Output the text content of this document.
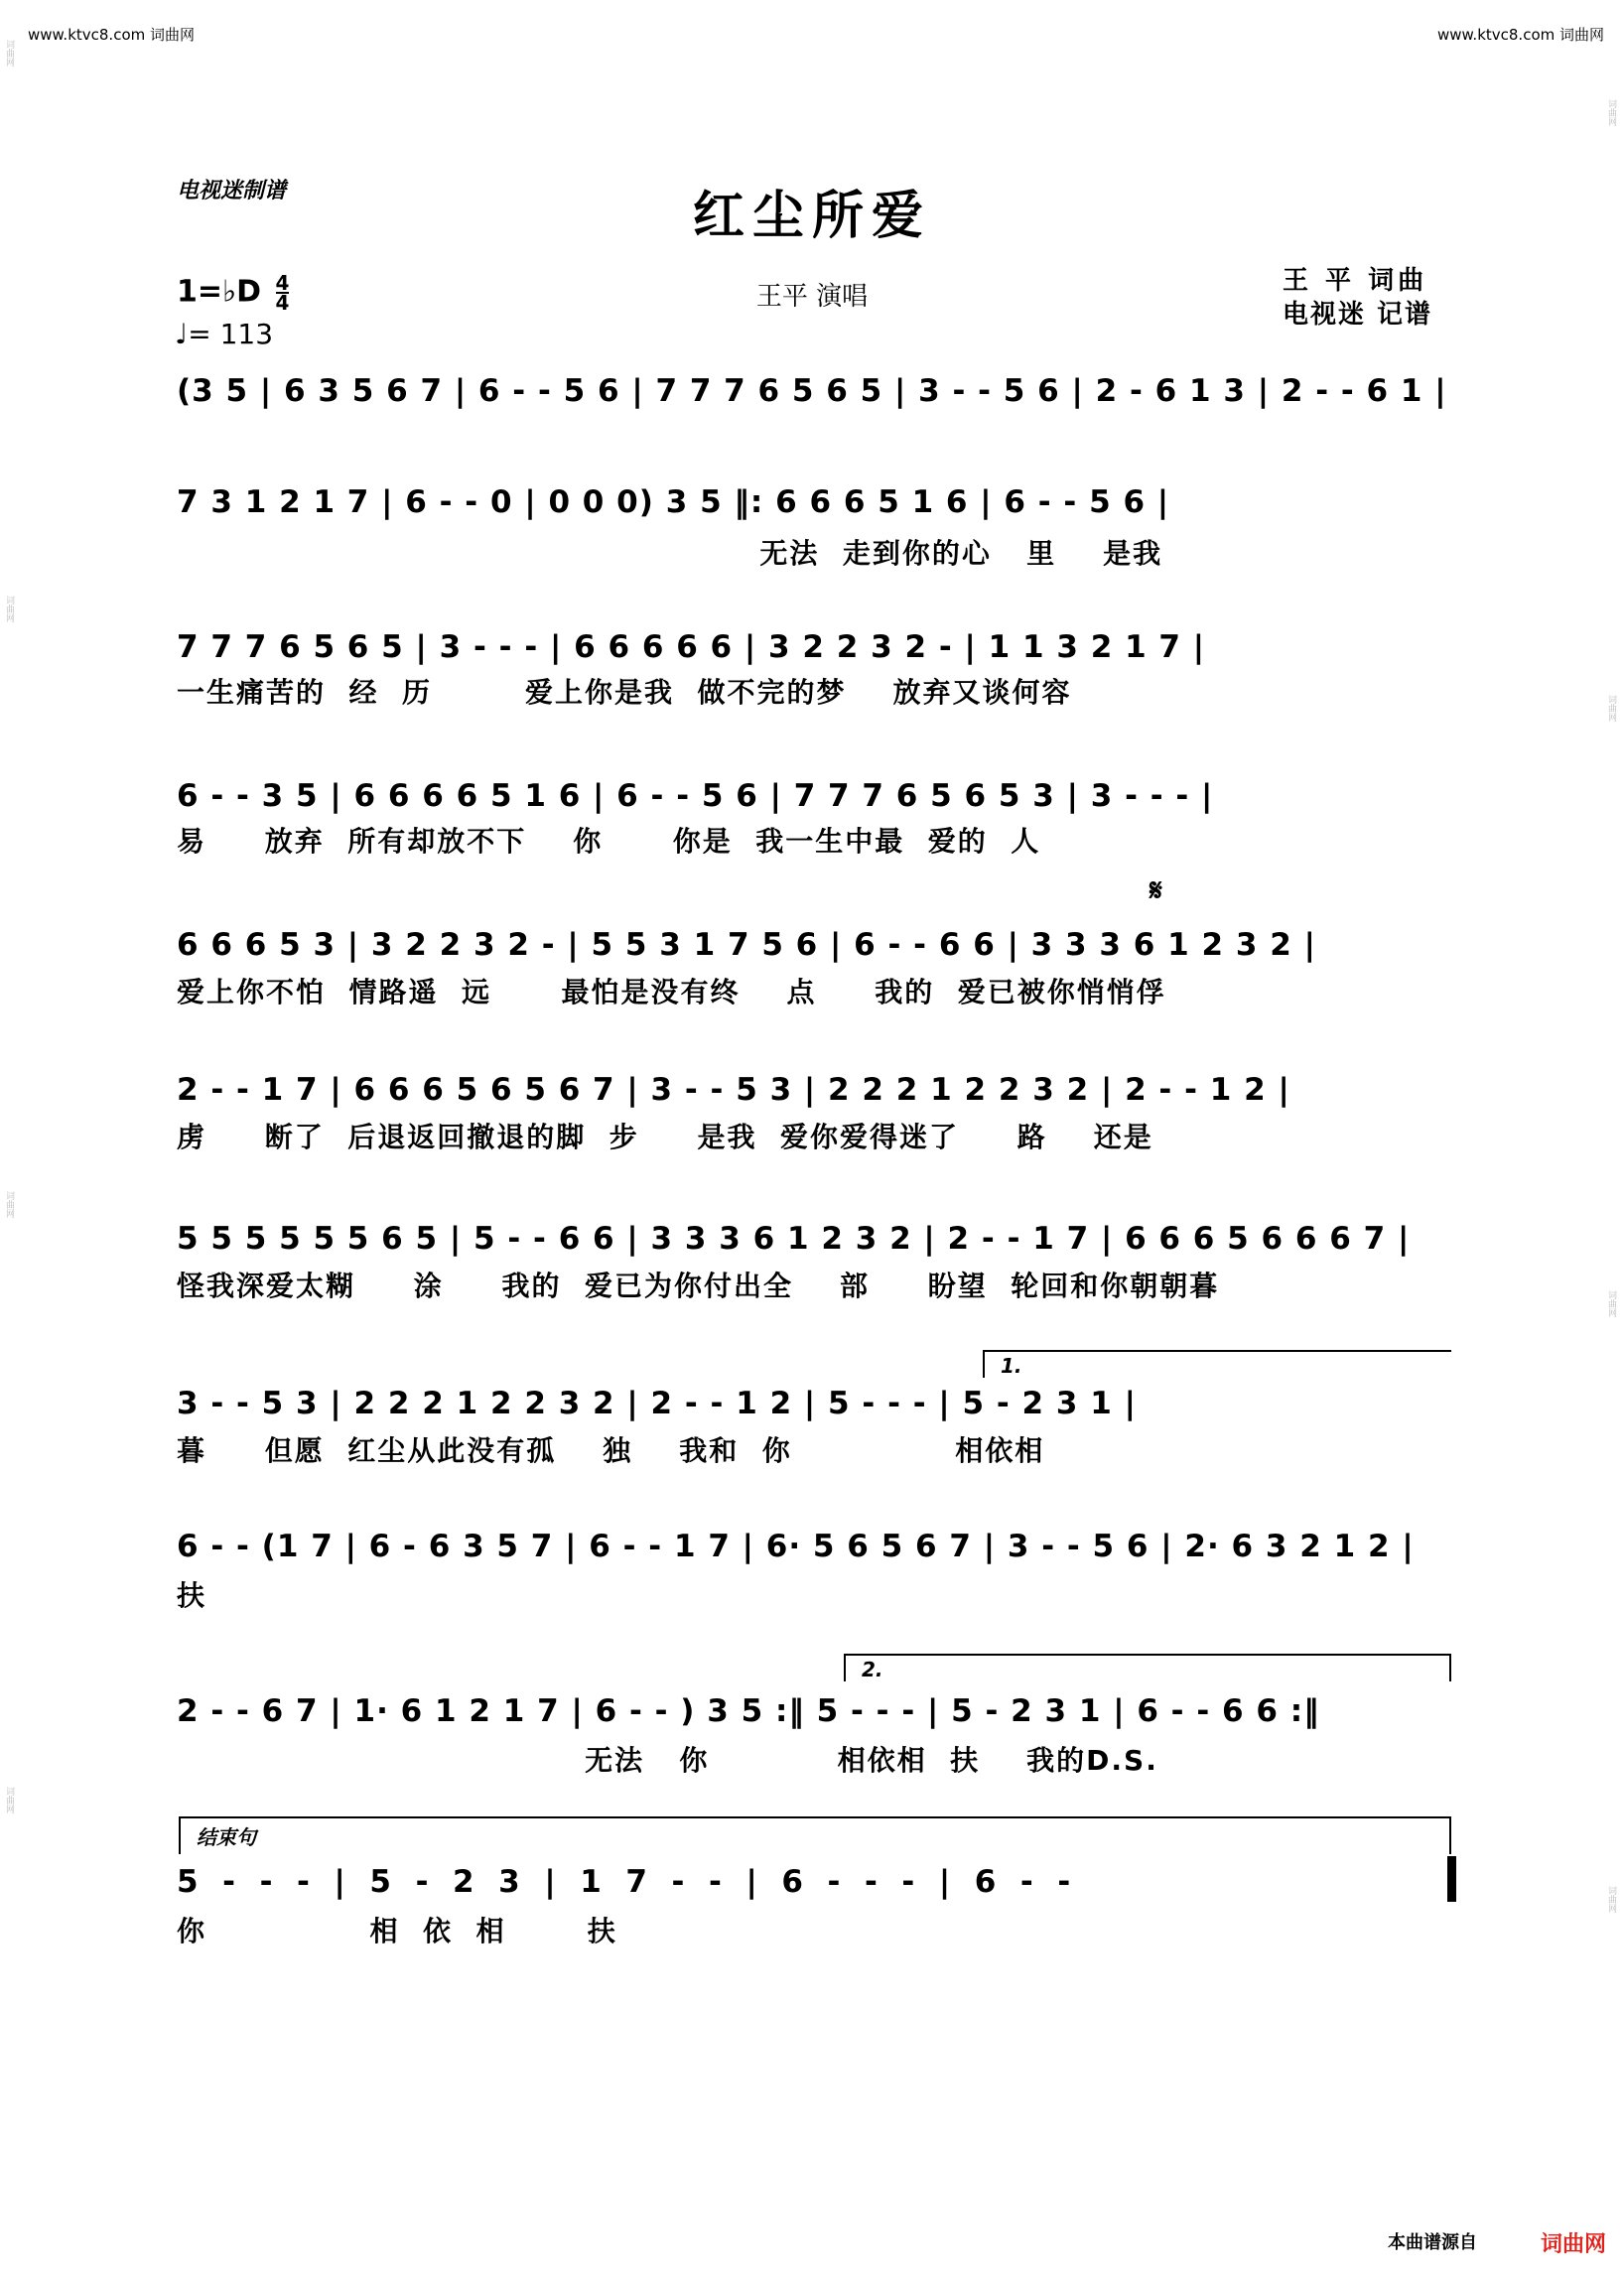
www.ktvc8.com 词曲网	www.ktvc8.com 词曲网
词曲网
词曲网
词曲网
词曲网
词曲网
词曲网
词曲网
词曲网
电视迷制谱	红尘所爱
1=♭D $\frac{4}{4}$
♩= 113
王平 演唱
王 平 词曲
电视迷 记谱
(3 5 | 6 3 5 6 7 | 6 - - 5 6 | 7 7 7 6 5 6 5 | 3 - - 5 6 | 2 - 6 1 3 | 2 - - 6 1 |
7 3 1 2 1 7 | 6 - - 0 | 0 0 0) 3 5 ‖: 6 6 6 5 1 6 | 6 - - 5 6 |
无法  走到你的心   里    是我
7 7 7 6 5 6 5 | 3 - - - | 6 6 6 6 6 | 3 2 2 3 2 - | 1 1 3 2 1 7 |
一生痛苦的  经  历        爱上你是我  做不完的梦    放弃又谈何容
6 - - 3 5 | 6 6 6 6 5 1 6 | 6 - - 5 6 | 7 7 7 6 5 6 5 3 | 3 - - - |
易     放弃  所有却放不下    你      你是  我一生中最  爱的  人
𝄋
6 6 6 5 3 | 3 2 2 3 2 - | 5 5 3 1 7 5 6 | 6 - - 6 6 | 3 3 3 6 1 2 3 2 |
爱上你不怕  情路遥  远      最怕是没有终    点     我的  爱已被你悄悄俘
2 - - 1 7 | 6 6 6 5 6 5 6 7 | 3 - - 5 3 | 2 2 2 1 2 2 3 2 | 2 - - 1 2 |
虏     断了  后退返回撤退的脚  步     是我  爱你爱得迷了     路    还是
5 5 5 5 5 5 6 5 | 5 - - 6 6 | 3 3 3 6 1 2 3 2 | 2 - - 1 7 | 6 6 6 5 6 6 6 7 |
怪我深爱太糊     涂     我的  爱已为你付出全    部     盼望  轮回和你朝朝暮
1.
3 - - 5 3 | 2 2 2 1 2 2 3 2 | 2 - - 1 2 | 5 - - - | 5 - 2 3 1 |
暮     但愿  红尘从此没有孤    独    我和  你              相依相
6 - - (1 7 | 6 - 6 3 5 7 | 6 - - 1 7 | 6· 5 6 5 6 7 | 3 - - 5 6 | 2· 6 3 2 1 2 |
扶
2.
2 - - 6 7 | 1· 6 1 2 1 7 | 6 - - ) 3 5 :‖ 5 - - - | 5 - 2 3 1 | 6 - - 6 6 :‖
无法   你           相依相  扶    我的D.S.
结束句
5  -  -  -  |  5  -  2  3  |  1  7  -  -  |  6  -  -  -  |  6  -  -
你              相  依  相       扶
本曲谱源自	词曲网
